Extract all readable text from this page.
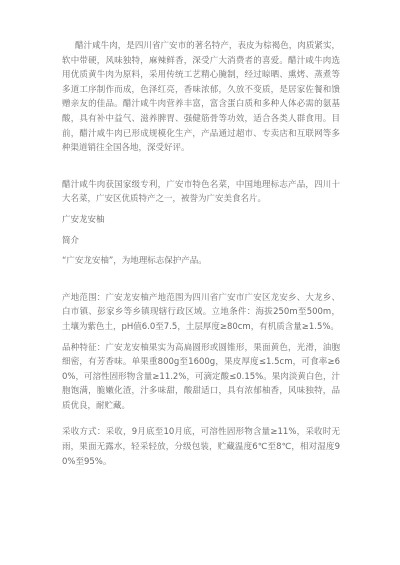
醋汁咸牛肉，是四川省广安市的著名特产，表皮为棕褐色，肉质紧实，软中带硬，风味独特，麻辣鲜香，深受广大消费者的喜爱。醋汁咸牛肉选用优质黄牛肉为原料，采用传统工艺精心腌制，经过晾晒、熏烤、蒸煮等多道工序制作而成，色泽红亮，香味浓郁，久放不变质，是居家佐餐和馈赠亲友的佳品。醋汁咸牛肉营养丰富，富含蛋白质和多种人体必需的氨基酸，具有补中益气、滋养脾胃、强健筋骨等功效，适合各类人群食用。目前，醋汁咸牛肉已形成规模化生产，产品通过超市、专卖店和互联网等多种渠道销往全国各地，深受好评。

醋汁咸牛肉获国家级专利，广安市特色名菜，中国地理标志产品，四川十大名菜，广安区优质特产之一，被誉为广安美食名片。

广安龙安柚

简介

“广安龙安柚”，为地理标志保护产品。

产地范围：广安龙安柚产地范围为四川省广安市广安区龙安乡、大龙乡、白市镇、彭家乡等乡镇现辖行政区域。立地条件：海拔250m至500m，土壤为紫色土，pH值6.0至7.5，土层厚度≥80cm，有机质含量≥1.5%。

品种特征：广安龙安柚果实为高扁圆形或圆锥形，果面黄色，光滑，油胞细密，有芳香味。单果重800g至1600g，果皮厚度≤1.5cm，可食率≥60%，可溶性固形物含量≥11.2%，可滴定酸≤0.15%。果肉淡黄白色，汁胞饱满，脆嫩化渣，汁多味甜，酸甜适口，具有浓郁柚香，风味独特，品质优良，耐贮藏。

采收方式：采收，9月底至10月底，可溶性固形物含量≥11%，采收时无雨，果面无露水，轻采轻放，分级包装，贮藏温度6℃至8℃，相对湿度90%至95%。
